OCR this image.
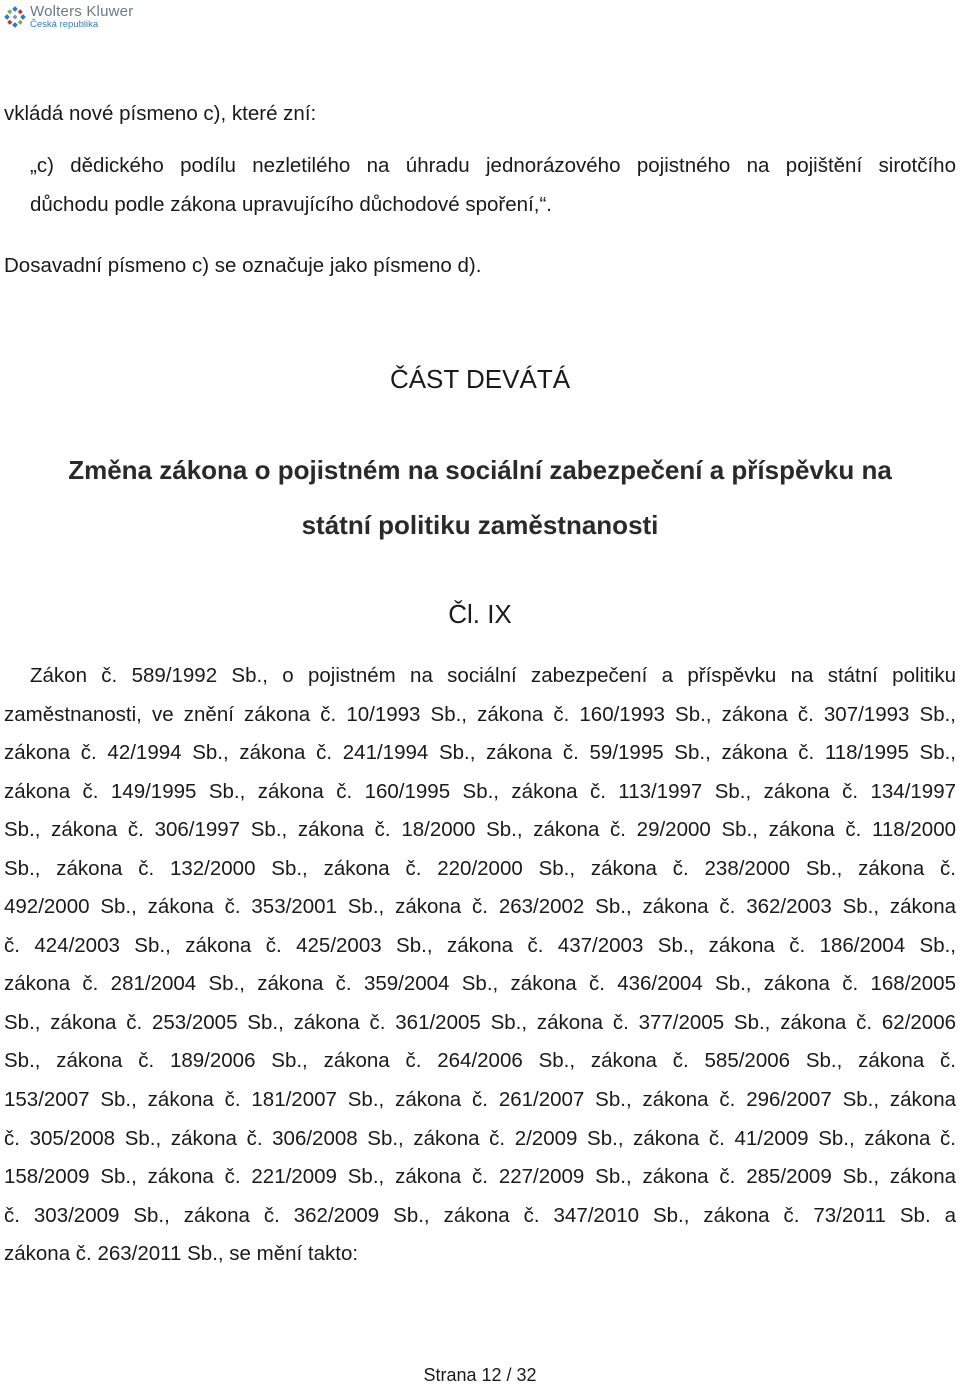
Wolters Kluwer
Česká republika
vkládá nové písmeno c), které zní:
„c) dědického podílu nezletilého na úhradu jednorázového pojistného na pojištění sirotčího
důchodu podle zákona upravujícího důchodové spoření,“.
Dosavadní písmeno c) se označuje jako písmeno d).
ČÁST DEVÁTÁ
Změna zákona o pojistném na sociální zabezpečení a příspěvku na
státní politiku zaměstnanosti
Čl. IX
Zákon č. 589/1992 Sb., o pojistném na sociální zabezpečení a příspěvku na státní politiku
zaměstnanosti, ve znění zákona č. 10/1993 Sb., zákona č. 160/1993 Sb., zákona č. 307/1993 Sb.,
zákona č. 42/1994 Sb., zákona č. 241/1994 Sb., zákona č. 59/1995 Sb., zákona č. 118/1995 Sb.,
zákona č. 149/1995 Sb., zákona č. 160/1995 Sb., zákona č. 113/1997 Sb., zákona č. 134/1997
Sb., zákona č. 306/1997 Sb., zákona č. 18/2000 Sb., zákona č. 29/2000 Sb., zákona č. 118/2000
Sb., zákona č. 132/2000 Sb., zákona č. 220/2000 Sb., zákona č. 238/2000 Sb., zákona č.
492/2000 Sb., zákona č. 353/2001 Sb., zákona č. 263/2002 Sb., zákona č. 362/2003 Sb., zákona
č. 424/2003 Sb., zákona č. 425/2003 Sb., zákona č. 437/2003 Sb., zákona č. 186/2004 Sb.,
zákona č. 281/2004 Sb., zákona č. 359/2004 Sb., zákona č. 436/2004 Sb., zákona č. 168/2005
Sb., zákona č. 253/2005 Sb., zákona č. 361/2005 Sb., zákona č. 377/2005 Sb., zákona č. 62/2006
Sb., zákona č. 189/2006 Sb., zákona č. 264/2006 Sb., zákona č. 585/2006 Sb., zákona č.
153/2007 Sb., zákona č. 181/2007 Sb., zákona č. 261/2007 Sb., zákona č. 296/2007 Sb., zákona
č. 305/2008 Sb., zákona č. 306/2008 Sb., zákona č. 2/2009 Sb., zákona č. 41/2009 Sb., zákona č.
158/2009 Sb., zákona č. 221/2009 Sb., zákona č. 227/2009 Sb., zákona č. 285/2009 Sb., zákona
č. 303/2009 Sb., zákona č. 362/2009 Sb., zákona č. 347/2010 Sb., zákona č. 73/2011 Sb. a
zákona č. 263/2011 Sb., se mění takto:
Strana 12 / 32
